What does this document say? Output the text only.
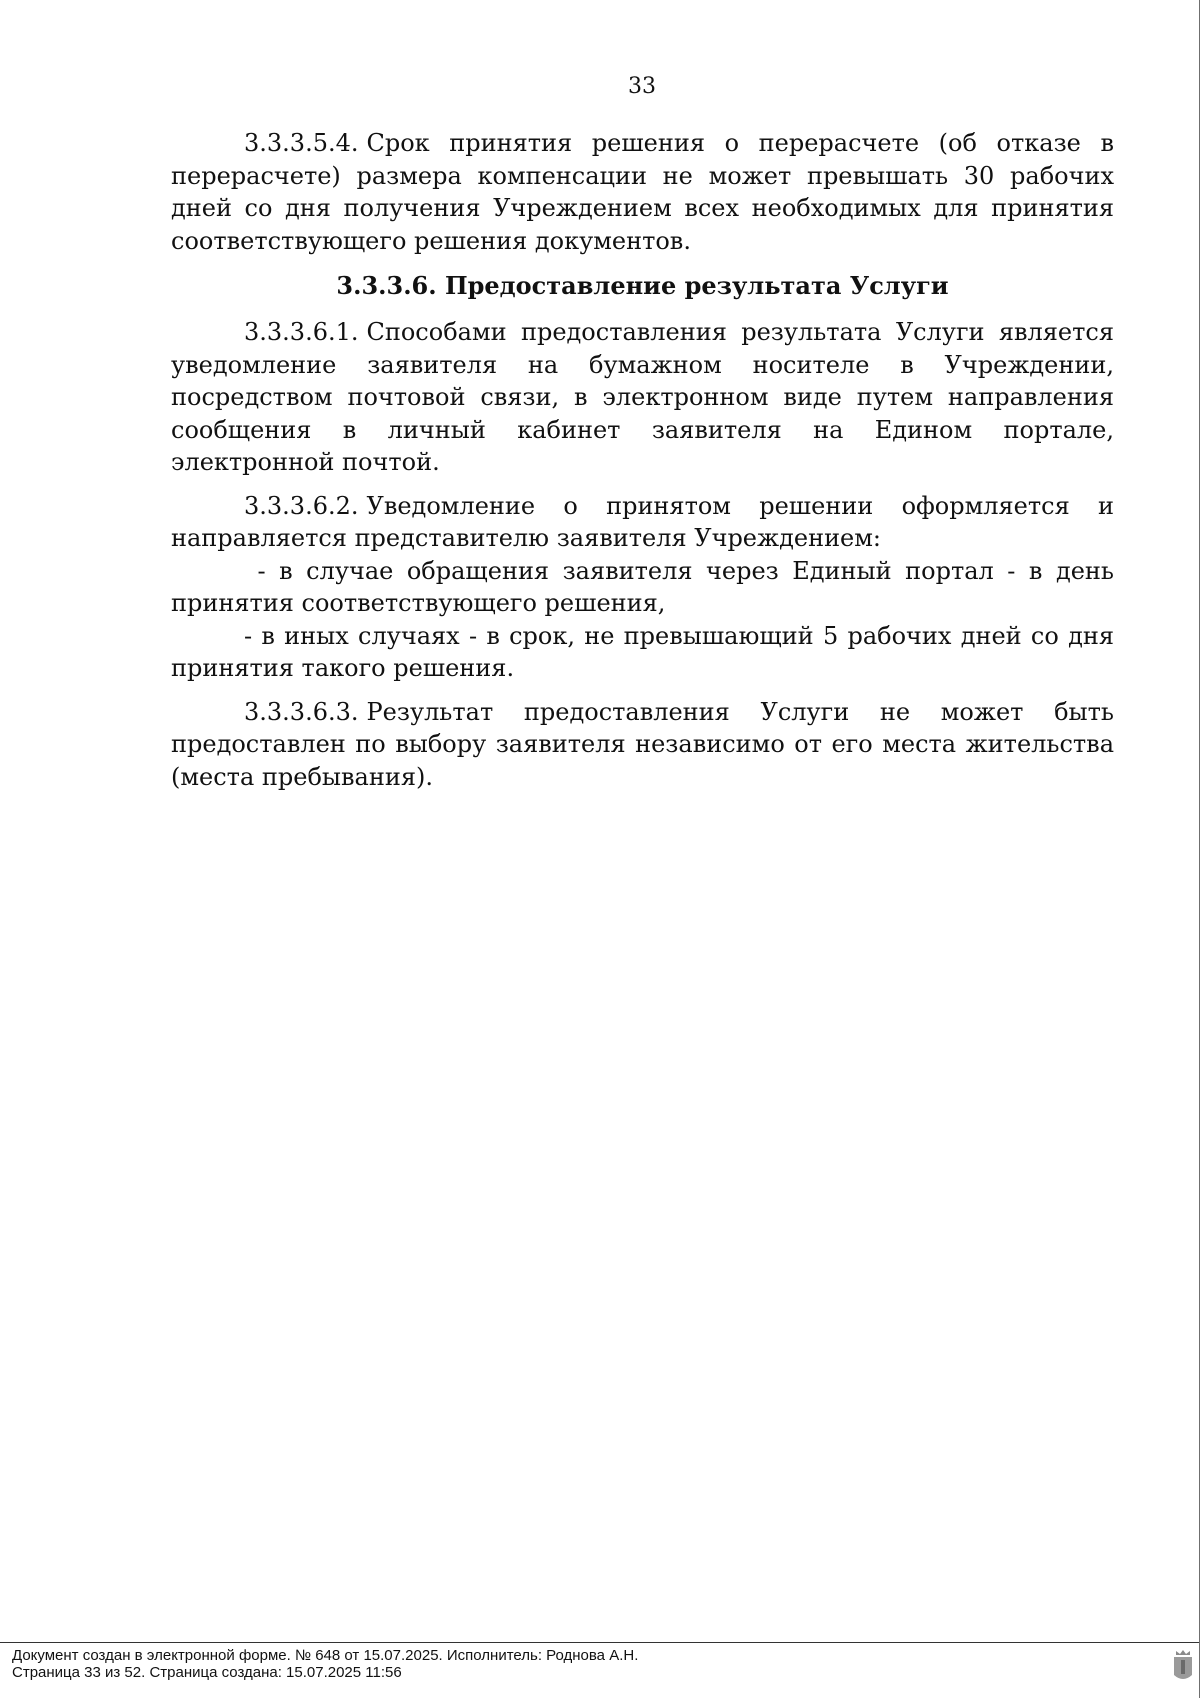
33

3.3.3.5.4. Срок принятия решения о перерасчете (об отказе в перерасчете) размера компенсации не может превышать 30 рабочих дней со дня получения Учреждением всех необходимых для принятия соответствующего решения документов.

3.3.3.6. Предоставление результата Услуги

3.3.3.6.1. Способами предоставления результата Услуги является уведомление заявителя на бумажном носителе в Учреждении, посредством почтовой связи, в электронном виде путем направления сообщения в личный кабинет заявителя на Едином портале, электронной почтой.

3.3.3.6.2. Уведомление о принятом решении оформляется и направляется представителю заявителя Учреждением:

- в случае обращения заявителя через Единый портал - в день принятия соответствующего решения,

- в иных случаях - в срок, не превышающий 5 рабочих дней со дня принятия такого решения.

3.3.3.6.3. Результат предоставления Услуги не может быть предоставлен по выбору заявителя независимо от его места жительства (места пребывания).

Документ создан в электронной форме. № 648 от 15.07.2025. Исполнитель: Роднова А.Н.
Страница 33 из 52. Страница создана: 15.07.2025 11:56
